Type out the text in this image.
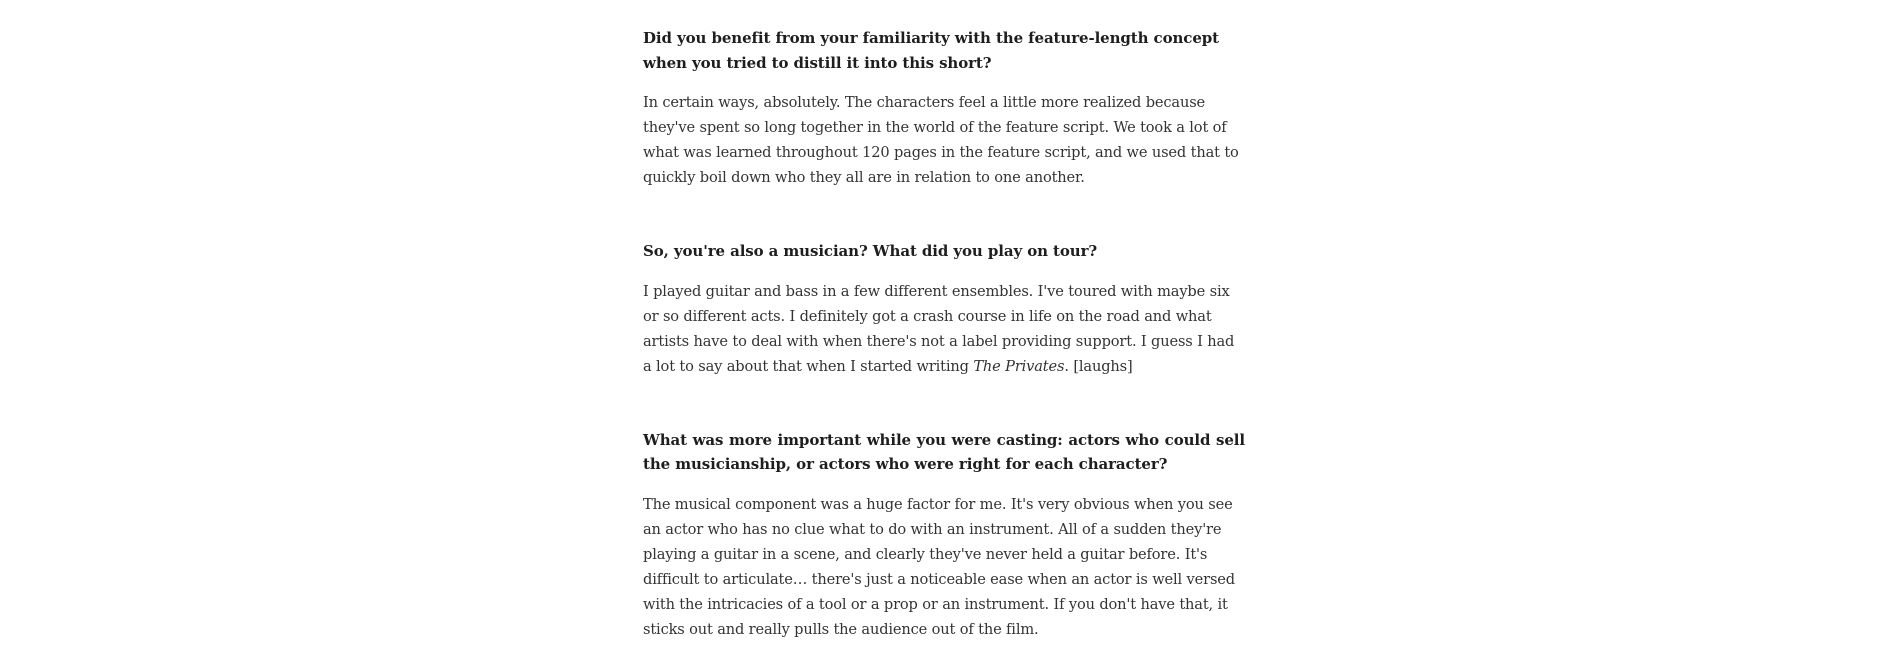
Did you benefit from your familiarity with the feature-length concept when you tried to distill it into this short?

In certain ways, absolutely. The characters feel a little more realized because they've spent so long together in the world of the feature script. We took a lot of what was learned throughout 120 pages in the feature script, and we used that to quickly boil down who they all are in relation to one another.

So, you're also a musician? What did you play on tour?

I played guitar and bass in a few different ensembles. I've toured with maybe six or so different acts. I definitely got a crash course in life on the road and what artists have to deal with when there's not a label providing support. I guess I had a lot to say about that when I started writing The Privates. [laughs]

What was more important while you were casting: actors who could sell the musicianship, or actors who were right for each character?

The musical component was a huge factor for me. It's very obvious when you see an actor who has no clue what to do with an instrument. All of a sudden they're playing a guitar in a scene, and clearly they've never held a guitar before. It's difficult to articulate… there's just a noticeable ease when an actor is well versed with the intricacies of a tool or a prop or an instrument. If you don't have that, it sticks out and really pulls the audience out of the film.
